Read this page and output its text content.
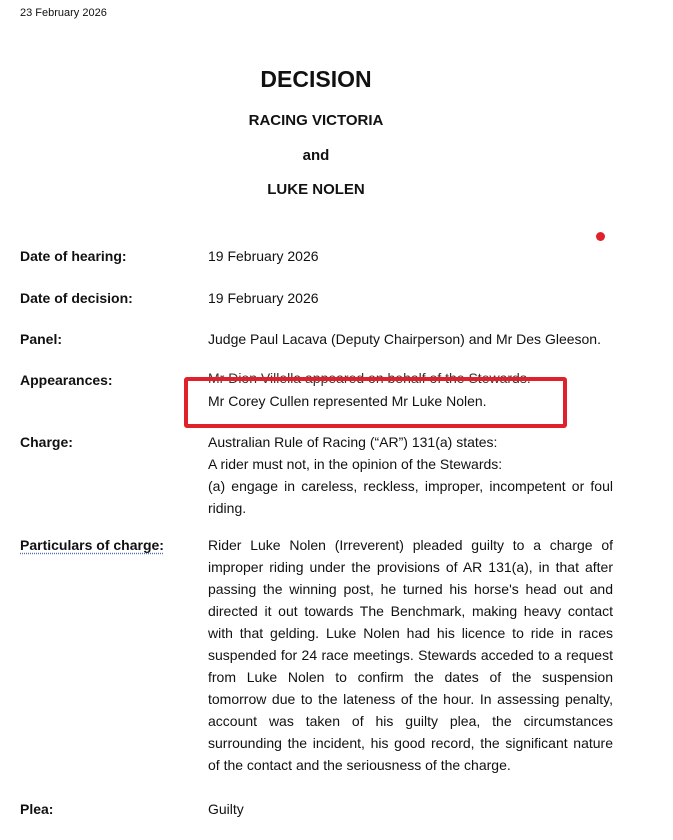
23 February 2026
DECISION
RACING VICTORIA
and
LUKE NOLEN
Date of hearing:	19 February 2026
Date of decision:	19 February 2026
Panel:	Judge Paul Lacava (Deputy Chairperson) and Mr Des Gleeson.
Appearances:	Mr Dion Villella appeared on behalf of the Stewards.
Mr Corey Cullen represented Mr Luke Nolen.
Charge:	Australian Rule of Racing (“AR”) 131(a) states:
A rider must not, in the opinion of the Stewards:
(a) engage in careless, reckless, improper, incompetent or foul riding.
Particulars of charge:	Rider Luke Nolen (Irreverent) pleaded guilty to a charge of improper riding under the provisions of AR 131(a), in that after passing the winning post, he turned his horse's head out and directed it out towards The Benchmark, making heavy contact with that gelding. Luke Nolen had his licence to ride in races suspended for 24 race meetings. Stewards acceded to a request from Luke Nolen to confirm the dates of the suspension tomorrow due to the lateness of the hour. In assessing penalty, account was taken of his guilty plea, the circumstances surrounding the incident, his good record, the significant nature of the contact and the seriousness of the charge.
Plea:	Guilty
